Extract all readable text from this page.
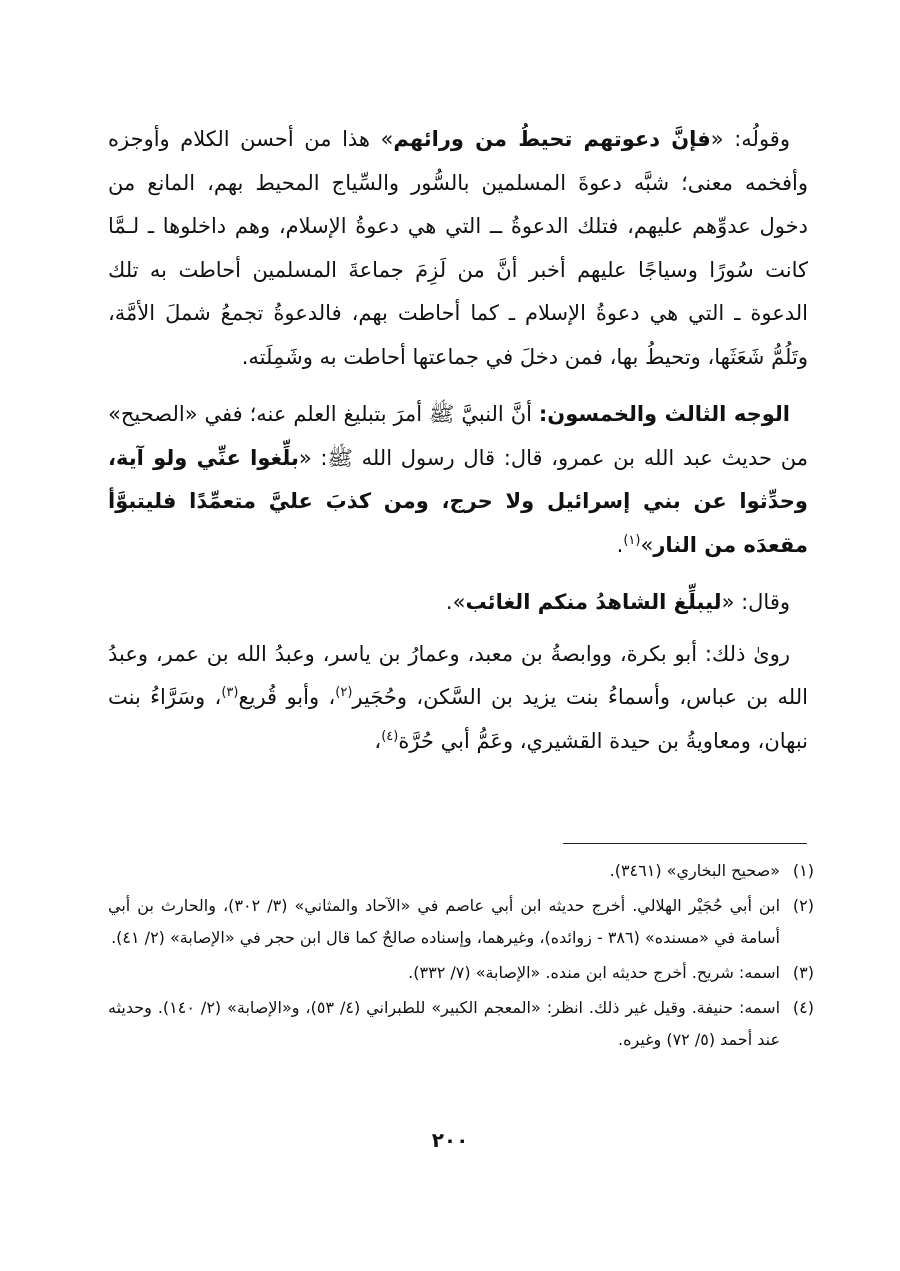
وقولُه: «فإنَّ دعوتهم تحيطُ من ورائهم» هذا من أحسن الكلام وأوجزه وأفخمه معنى؛ شبَّه دعوةَ المسلمين بالسُّور والسِّياج المحيط بهم، المانع من دخول عدوِّهم عليهم، فتلك الدعوةُ ــ التي هي دعوةُ الإسلام، وهم داخلوها ـ لـمَّا كانت سُورًا وسياجًا عليهم أخبر أنَّ من لَزِمَ جماعةَ المسلمين أحاطت به تلك الدعوة ـ التي هي دعوةُ الإسلام ـ كما أحاطت بهم، فالدعوةُ تجمعُ شملَ الأمَّة، وتَلُمُّ شَعَثَها، وتحيطُ بها، فمن دخلَ في جماعتها أحاطت به وشَمِلَته.

الوجه الثالث والخمسون: أنَّ النبيَّ ﷺ أمرَ بتبليغ العلم عنه؛ ففي «الصحيح» من حديث عبد الله بن عمرو، قال: قال رسول الله ﷺ: «بلِّغوا عنِّي ولو آية، وحدِّثوا عن بني إسرائيل ولا حرج، ومن كذبَ عليَّ متعمِّدًا فليتبوَّأ مقعدَه من النار»$^{(١)}$.

وقال: «ليبلِّغ الشاهدُ منكم الغائب».

روىٰ ذلك: أبو بكرة، ووابصةُ بن معبد، وعمارُ بن ياسر، وعبدُ الله بن عمر، وعبدُ الله بن عباس، وأسماءُ بنت يزيد بن السَّكن، وحُجَير$^{(٢)}$، وأبو قُريع$^{(٣)}$، وسَرَّاءُ بنت نبهان، ومعاويةُ بن حيدة القشيري، وعَمُّ أبي حُرَّة$^{(٤)}$،

(١)
«صحيح البخاري» (٣٤٦١).
(٢)
ابن أبي حُجَيْر الهلالي. أخرج حديثه ابن أبي عاصم في «الآحاد والمثاني» (٣/ ٣٠٢)، والحارث بن أبي أسامة في «مسنده» (٣٨٦ - زوائده)، وغيرهما، وإسناده صالحٌ كما قال ابن حجر في «الإصابة» (٢/ ٤١).
(٣)
اسمه: شريح. أخرج حديثه ابن منده. «الإصابة» (٧/ ٣٣٢).
(٤)
اسمه: حنيفة. وقيل غير ذلك. انظر: «المعجم الكبير» للطبراني (٤/ ٥٣)، و«الإصابة» (٢/ ١٤٠). وحديثه عند أحمد (٥/ ٧٢) وغيره.
٢٠٠
